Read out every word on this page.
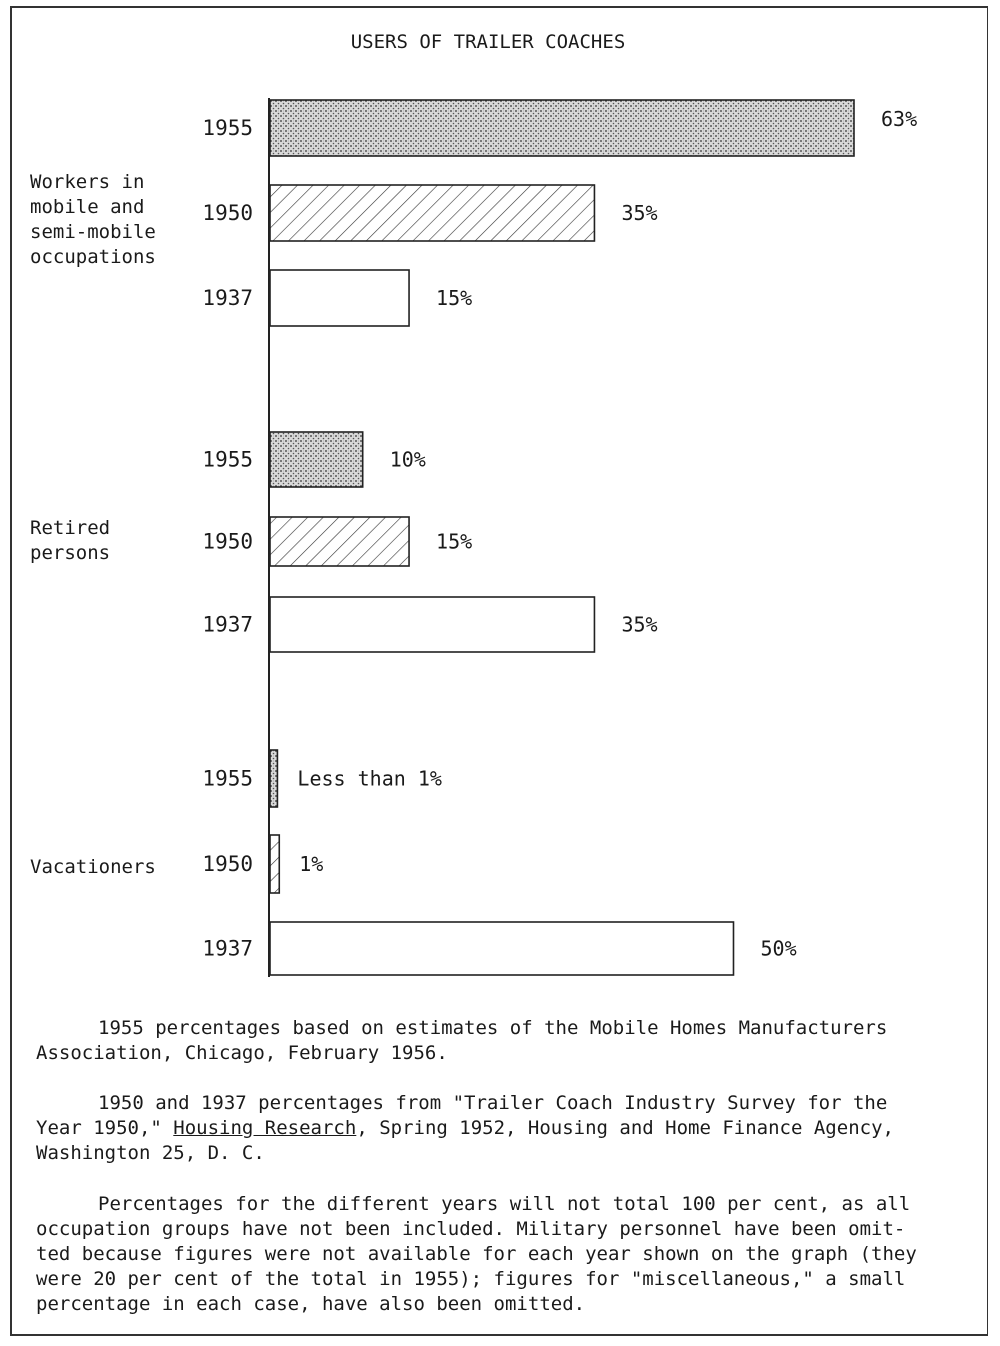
USERS OF TRAILER COACHES
Workers in
mobile and
semi-mobile
occupations
1955	63%
1950	35%
1937	15%
Retired
persons
1955	10%
1950	15%
1937	35%
Vacationers
1955 Less than 1%
1950 1%
1937	50%

1955 percentages based on estimates of the Mobile Homes Manufacturers
Association, Chicago, February 1956.

1950 and 1937 percentages from "Trailer Coach Industry Survey for the
Year 1950," Housing Research, Spring 1952, Housing and Home Finance Agency,
Washington 25, D. C.

Percentages for the different years will not total 100 per cent, as all
occupation groups have not been included. Military personnel have been omit-
ted because figures were not available for each year shown on the graph (they
were 20 per cent of the total in 1955); figures for "miscellaneous," a small
percentage in each case, have also been omitted.
